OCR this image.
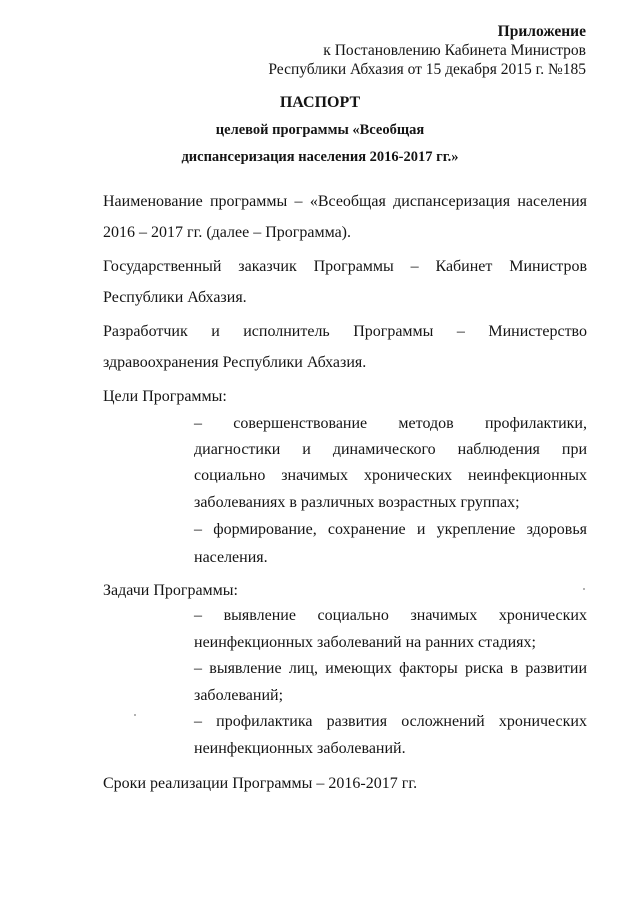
Приложение
к Постановлению Кабинета Министров
Республики Абхазия от 15 декабря 2015 г. №185
ПАСПОРТ
целевой программы «Всеобщая
диспансеризация населения 2016-2017 гг.»
Наименование программы – «Всеобщая диспансеризация населения 2016 – 2017 гг. (далее – Программа).
Государственный заказчик Программы – Кабинет Министров Республики Абхазия.
Разработчик и исполнитель Программы – Министерство здравоохранения Республики Абхазия.
Цели Программы:
– совершенствование методов профилактики, диагностики и динамического наблюдения при социально значимых хронических неинфекционных заболеваниях в различных возрастных группах;
– формирование, сохранение и укрепление здоровья населения.
Задачи Программы:
– выявление социально значимых хронических неинфекционных заболеваний на ранних стадиях;
– выявление лиц, имеющих факторы риска в развитии заболеваний;
– профилактика развития осложнений хронических неинфекционных заболеваний.
Сроки реализации Программы – 2016-2017 гг.
